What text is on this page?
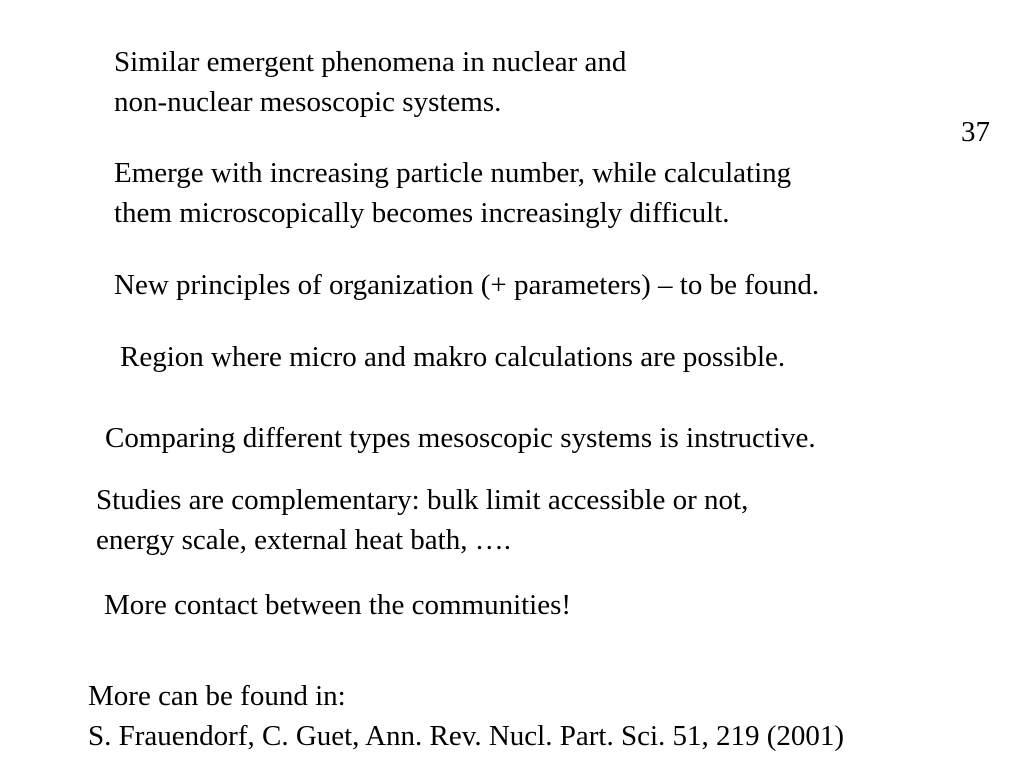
37
Similar emergent phenomena in nuclear and
non-nuclear mesoscopic systems.
Emerge with increasing particle number, while calculating
them microscopically becomes increasingly difficult.
New principles of organization (+ parameters) – to be found.
Region where micro and makro calculations are possible.
Comparing different types mesoscopic systems is instructive.
Studies are complementary: bulk limit accessible or not,
energy scale, external heat bath, ….
More contact between the communities!
More can be found in:
S. Frauendorf, C. Guet, Ann. Rev. Nucl. Part. Sci. 51, 219 (2001)
